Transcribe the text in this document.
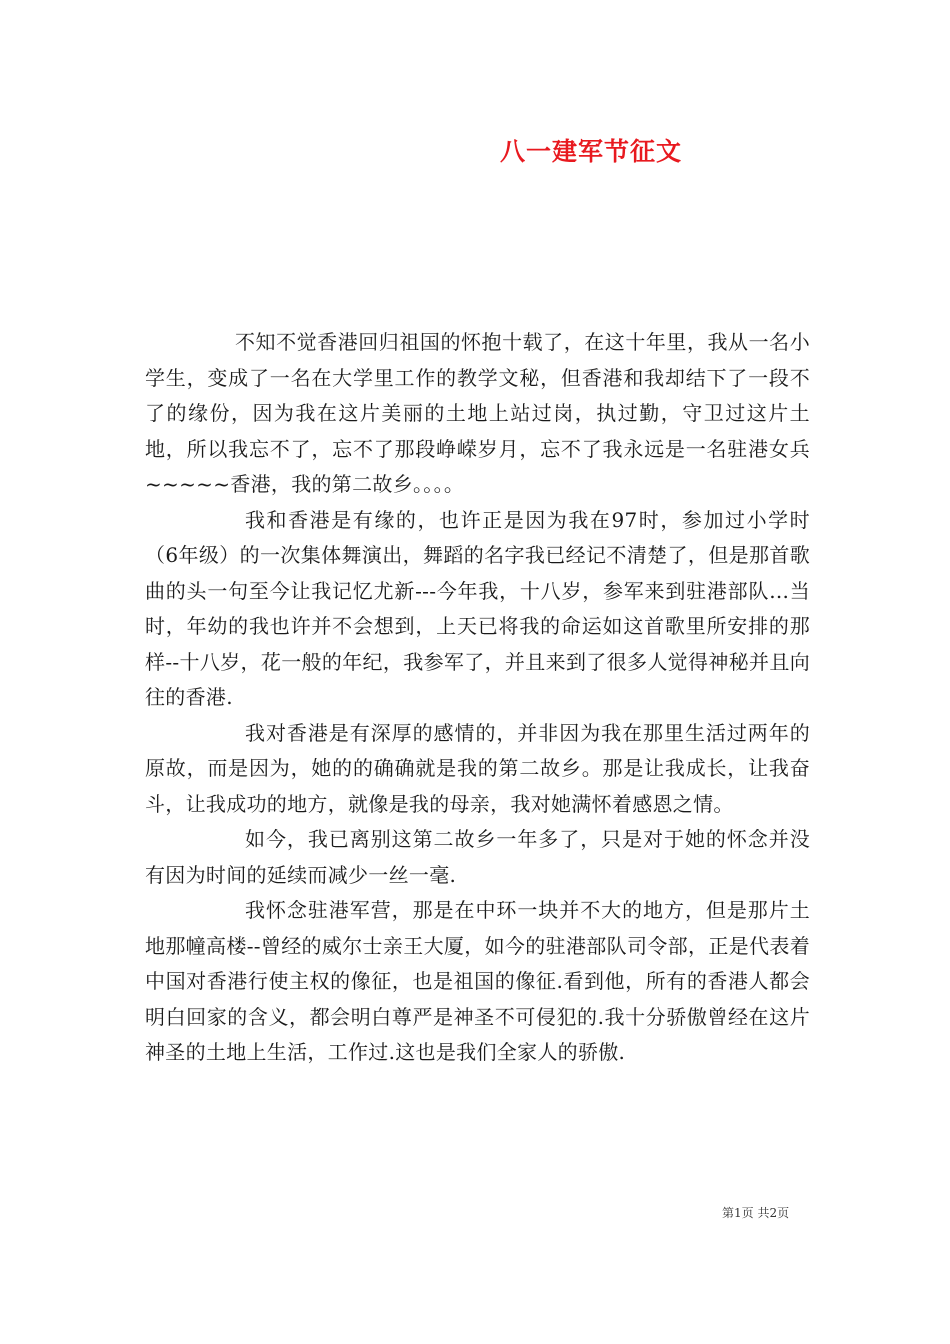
八一建军节征文

不知不觉香港回归祖国的怀抱十载了，在这十年里，我从一名小学生，变成了一名在大学里工作的教学文秘，但香港和我却结下了一段不了的缘份，因为我在这片美丽的土地上站过岗，执过勤，守卫过这片土地，所以我忘不了，忘不了那段峥嵘岁月，忘不了我永远是一名驻港女兵~~~~~香港，我的第二故乡。。。。

我和香港是有缘的，也许正是因为我在97时，参加过小学时（6年级）的一次集体舞演出，舞蹈的名字我已经记不清楚了，但是那首歌曲的头一句至今让我记忆尤新---今年我，十八岁，参军来到驻港部队...当时，年幼的我也许并不会想到，上天已将我的命运如这首歌里所安排的那样--十八岁，花一般的年纪，我参军了，并且来到了很多人觉得神秘并且向往的香港.

我对香港是有深厚的感情的，并非因为我在那里生活过两年的原故，而是因为，她的的确确就是我的第二故乡。那是让我成长，让我奋斗，让我成功的地方，就像是我的母亲，我对她满怀着感恩之情。

如今，我已离别这第二故乡一年多了，只是对于她的怀念并没有因为时间的延续而减少一丝一毫.

我怀念驻港军营，那是在中环一块并不大的地方，但是那片土地那幢高楼--曾经的威尔士亲王大厦，如今的驻港部队司令部，正是代表着中国对香港行使主权的像征，也是祖国的像征.看到他，所有的香港人都会明白回家的含义，都会明白尊严是神圣不可侵犯的.我十分骄傲曾经在这片神圣的土地上生活，工作过.这也是我们全家人的骄傲.

第1页 共2页
